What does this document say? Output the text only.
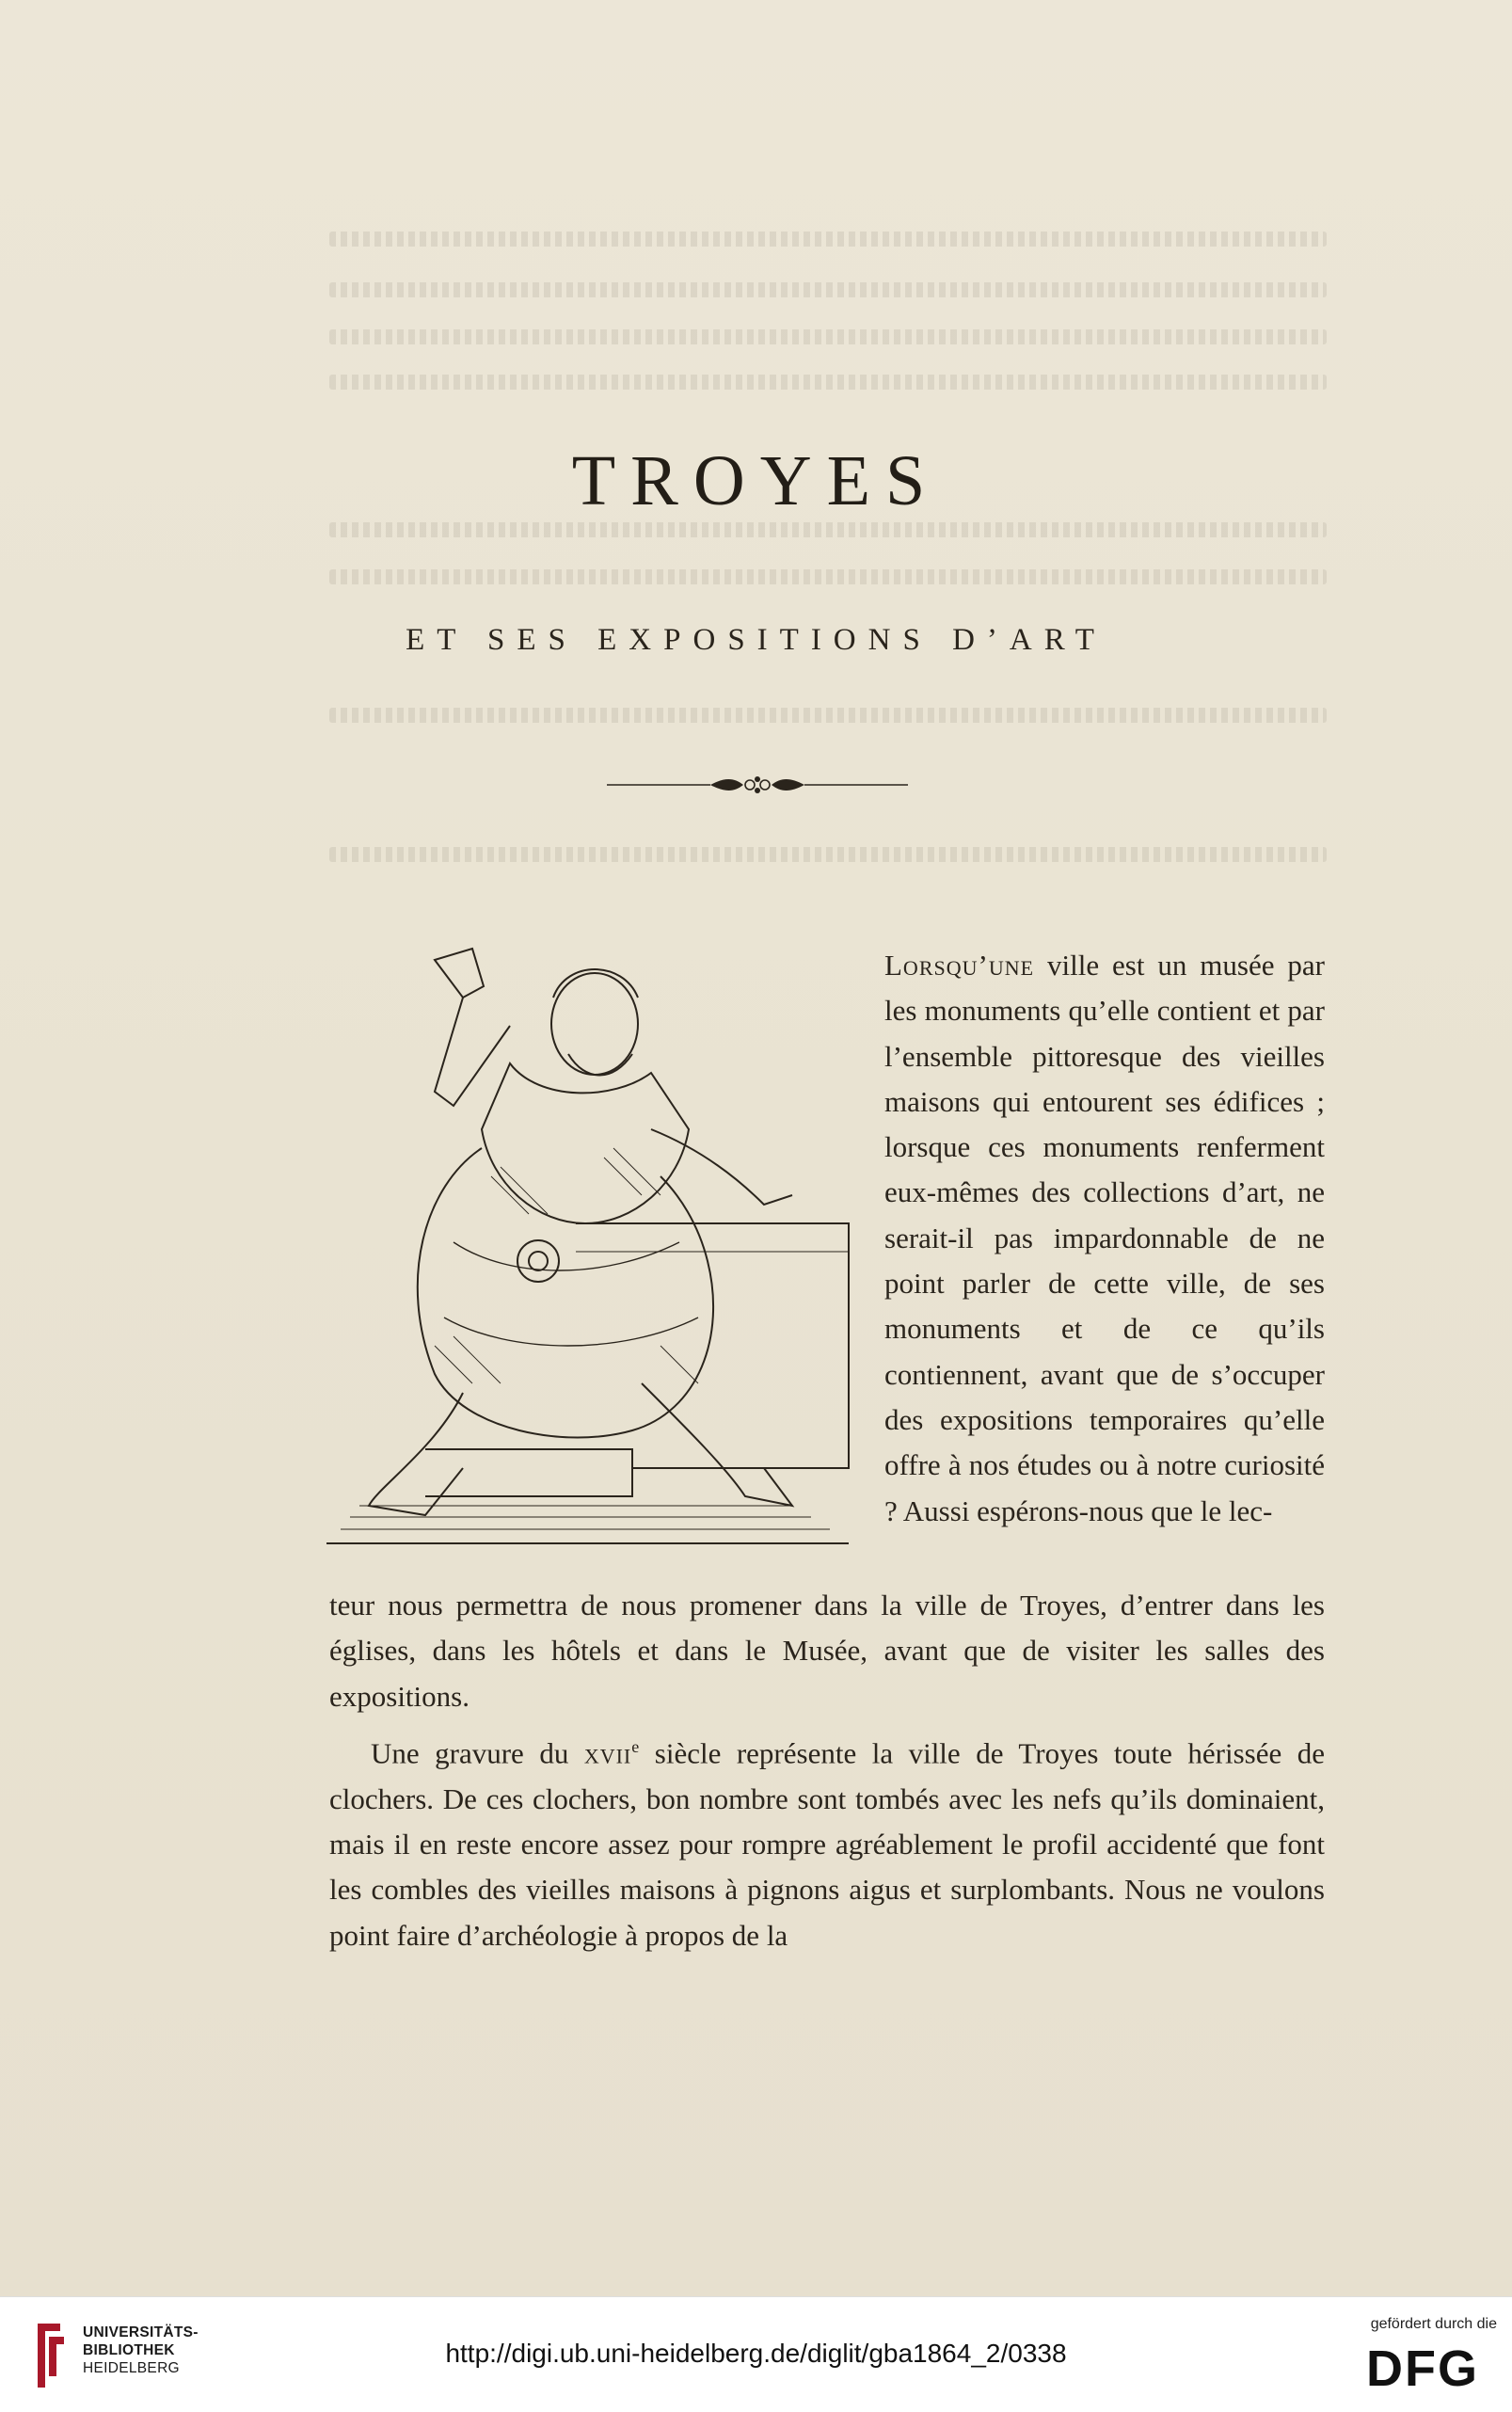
TROYES
ET SES EXPOSITIONS D’ART

Lorsqu’une ville est un musée par les monuments qu’elle contient et par l’ensemble pittoresque des vieilles maisons qui entourent ses édifices ; lorsque ces monuments renferment eux-mêmes des collections d’art, ne serait-il pas impardonnable de ne point parler de cette ville, de ses monuments et de ce qu’ils contiennent, avant que de s’occuper des expositions temporaires qu’elle offre à nos études ou à notre curiosité ? Aussi espérons-nous que le lec-

teur nous permettra de nous promener dans la ville de Troyes, d’entrer dans les églises, dans les hôtels et dans le Musée, avant que de visiter les salles des expositions.

Une gravure du xvii$^e$ siècle représente la ville de Troyes toute hérissée de clochers. De ces clochers, bon nombre sont tombés avec les nefs qu’ils dominaient, mais il en reste encore assez pour rompre agréablement le profil accidenté que font les combles des vieilles maisons à pignons aigus et surplombants. Nous ne voulons point faire d’archéologie à propos de la

UNIVERSITÄTS-
BIBLIOTHEK
HEIDELBERG
http://digi.ub.uni-heidelberg.de/diglit/gba1864_2/0338
gefördert durch die
DFG
